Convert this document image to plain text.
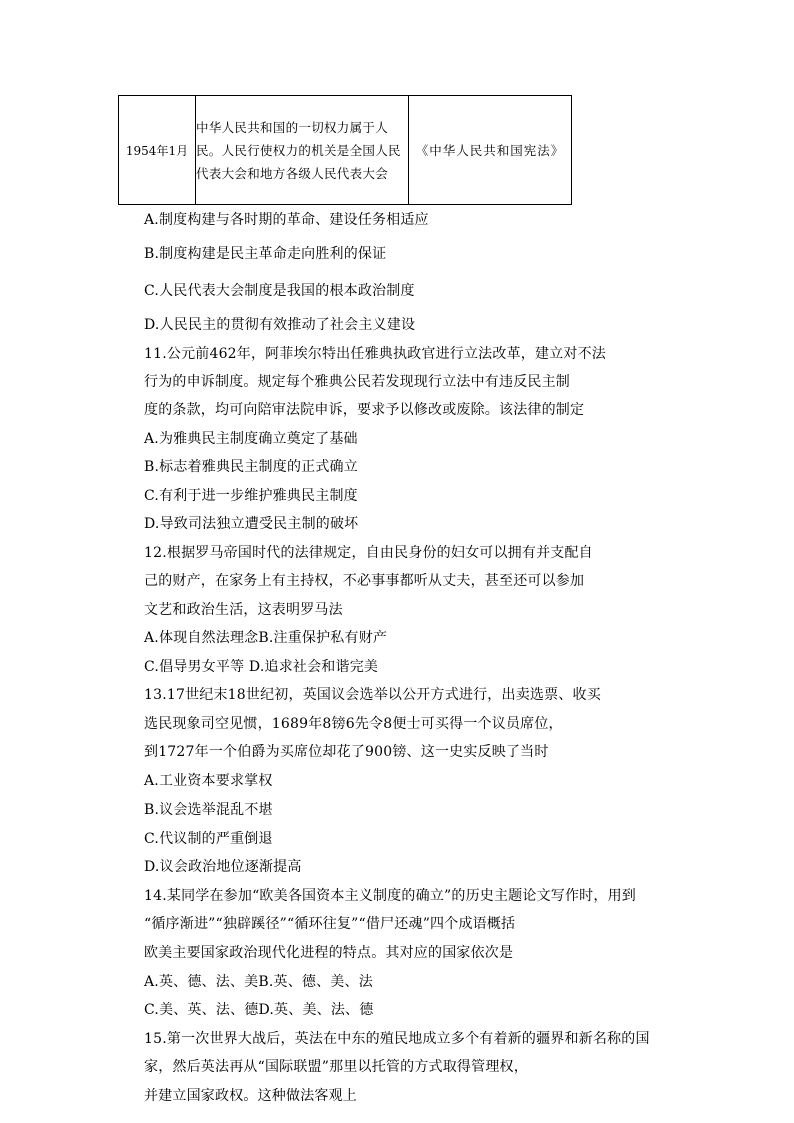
1954年1月	中华人民共和国的一切权力属于人民。人民行使权力的机关是全国人民代表大会和地方各级人民代表大会	《中华人民共和国宪法》
A.制度构建与各时期的革命、建设任务相适应
B.制度构建是民主革命走向胜利的保证
C.人民代表大会制度是我国的根本政治制度
D.人民民主的贯彻有效推动了社会主义建设
11.公元前462年，阿菲埃尔特出任雅典执政官进行立法改革，建立对不法
行为的申诉制度。规定每个雅典公民若发现现行立法中有违反民主制
度的条款，均可向陪审法院申诉，要求予以修改或废除。该法律的制定
A.为雅典民主制度确立奠定了基础
B.标志着雅典民主制度的正式确立
C.有利于进一步维护雅典民主制度
D.导致司法独立遭受民主制的破坏
12.根据罗马帝国时代的法律规定，自由民身份的妇女可以拥有并支配自
己的财产，在家务上有主持权，不必事事都听从丈夫，甚至还可以参加
文艺和政治生活，这表明罗马法
A.体现自然法理念B.注重保护私有财产
C.倡导男女平等 D.追求社会和谐完美
13.17世纪末18世纪初，英国议会选举以公开方式进行，出卖选票、收买
选民现象司空见惯，1689年8镑6先令8便士可买得一个议员席位，
到1727年一个伯爵为买席位却花了900镑、这一史实反映了当时
A.工业资本要求掌权
B.议会选举混乱不堪
C.代议制的严重倒退
D.议会政治地位逐渐提高
14.某同学在参加“欧美各国资本主义制度的确立”的历史主题论文写作时，用到
“循序渐进”“独辟蹊径”“循环往复”“借尸还魂”四个成语概括
欧美主要国家政治现代化进程的特点。其对应的国家依次是
A.英、德、法、美B.英、德、美、法
C.美、英、法、德D.英、美、法、德
15.第一次世界大战后，英法在中东的殖民地成立多个有着新的疆界和新名称的国
家，然后英法再从“国际联盟”那里以托管的方式取得管理权，
并建立国家政权。这种做法客观上
